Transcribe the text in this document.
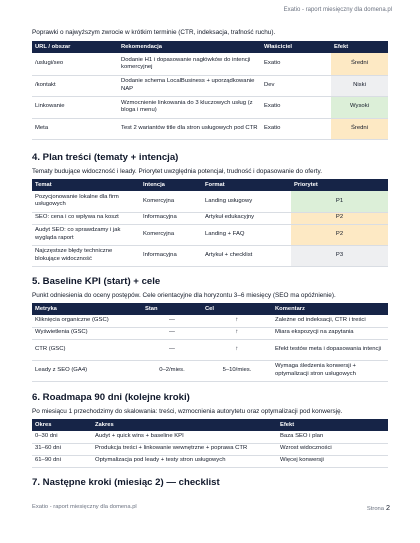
Exatio - raport miesięczny dla domena.pl
Poprawki o najwyższym zwrocie w krótkim terminie (CTR, indeksacja, trafność ruchu).
URL / obszar	Rekomendacja	Właściciel	Efekt
/uslugi/seo	Dodanie H1 i dopasowanie nagłówków do intencji komercyjnej	Exatio	Średni
/kontakt	Dodanie schema LocalBusiness + uporządkowanie NAP	Dev	Niski
Linkowanie	Wzmocnienie linkowania do 3 kluczowych usług (z bloga i menu)	Exatio	Wysoki
Meta	Test 2 wariantów title dla stron usługowych pod CTR	Exatio	Średni
4. Plan treści (tematy + intencja)
Tematy budujące widoczność i leady. Priorytet uwzględnia potencjał, trudność i dopasowanie do oferty.
Temat	Intencja	Format	Priorytet
Pozycjonowanie lokalne dla firm usługowych	Komercyjna	Landing usługowy	P1
SEO: cena i co wpływa na koszt	Informacyjna	Artykuł edukacyjny	P2
Audyt SEO: co sprawdzamy i jak wygląda raport	Komercyjna	Landing + FAQ	P2
Najczęstsze błędy techniczne blokujące widoczność	Informacyjna	Artykuł + checklist	P3
5. Baseline KPI (start) + cele
Punkt odniesienia do oceny postępów. Cele orientacyjne dla horyzontu 3–6 miesięcy (SEO ma opóźnienie).
Metryka	Stan	Cel	Komentarz
Kliknięcia organiczne (GSC)	—	↑	Zależne od indeksacji, CTR i treści
Wyświetlenia (GSC)	—	↑	Miara ekspozycji na zapytania
CTR (GSC)	—	↑	Efekt testów meta i dopasowania intencji
Leady z SEO (GA4)	0–2/mies.	5–10/mies.	Wymaga śledzenia konwersji + optymalizacji stron usługowych
6. Roadmapa 90 dni (kolejne kroki)
Po miesiącu 1 przechodzimy do skalowania: treści, wzmocnienia autorytetu oraz optymalizacji pod konwersję.
Okres	Zakres	Efekt
0–30 dni	Audyt + quick wins + baseline KPI	Baza SEO i plan
31–60 dni	Produkcja treści + linkowanie wewnętrzne + poprawa CTR	Wzrost widoczności
61–90 dni	Optymalizacja pod leady + testy stron usługowych	Więcej konwersji
7. Następne kroki (miesiąc 2) — checklist
Exatio - raport miesięczny dla domena.pl	Strona 2
